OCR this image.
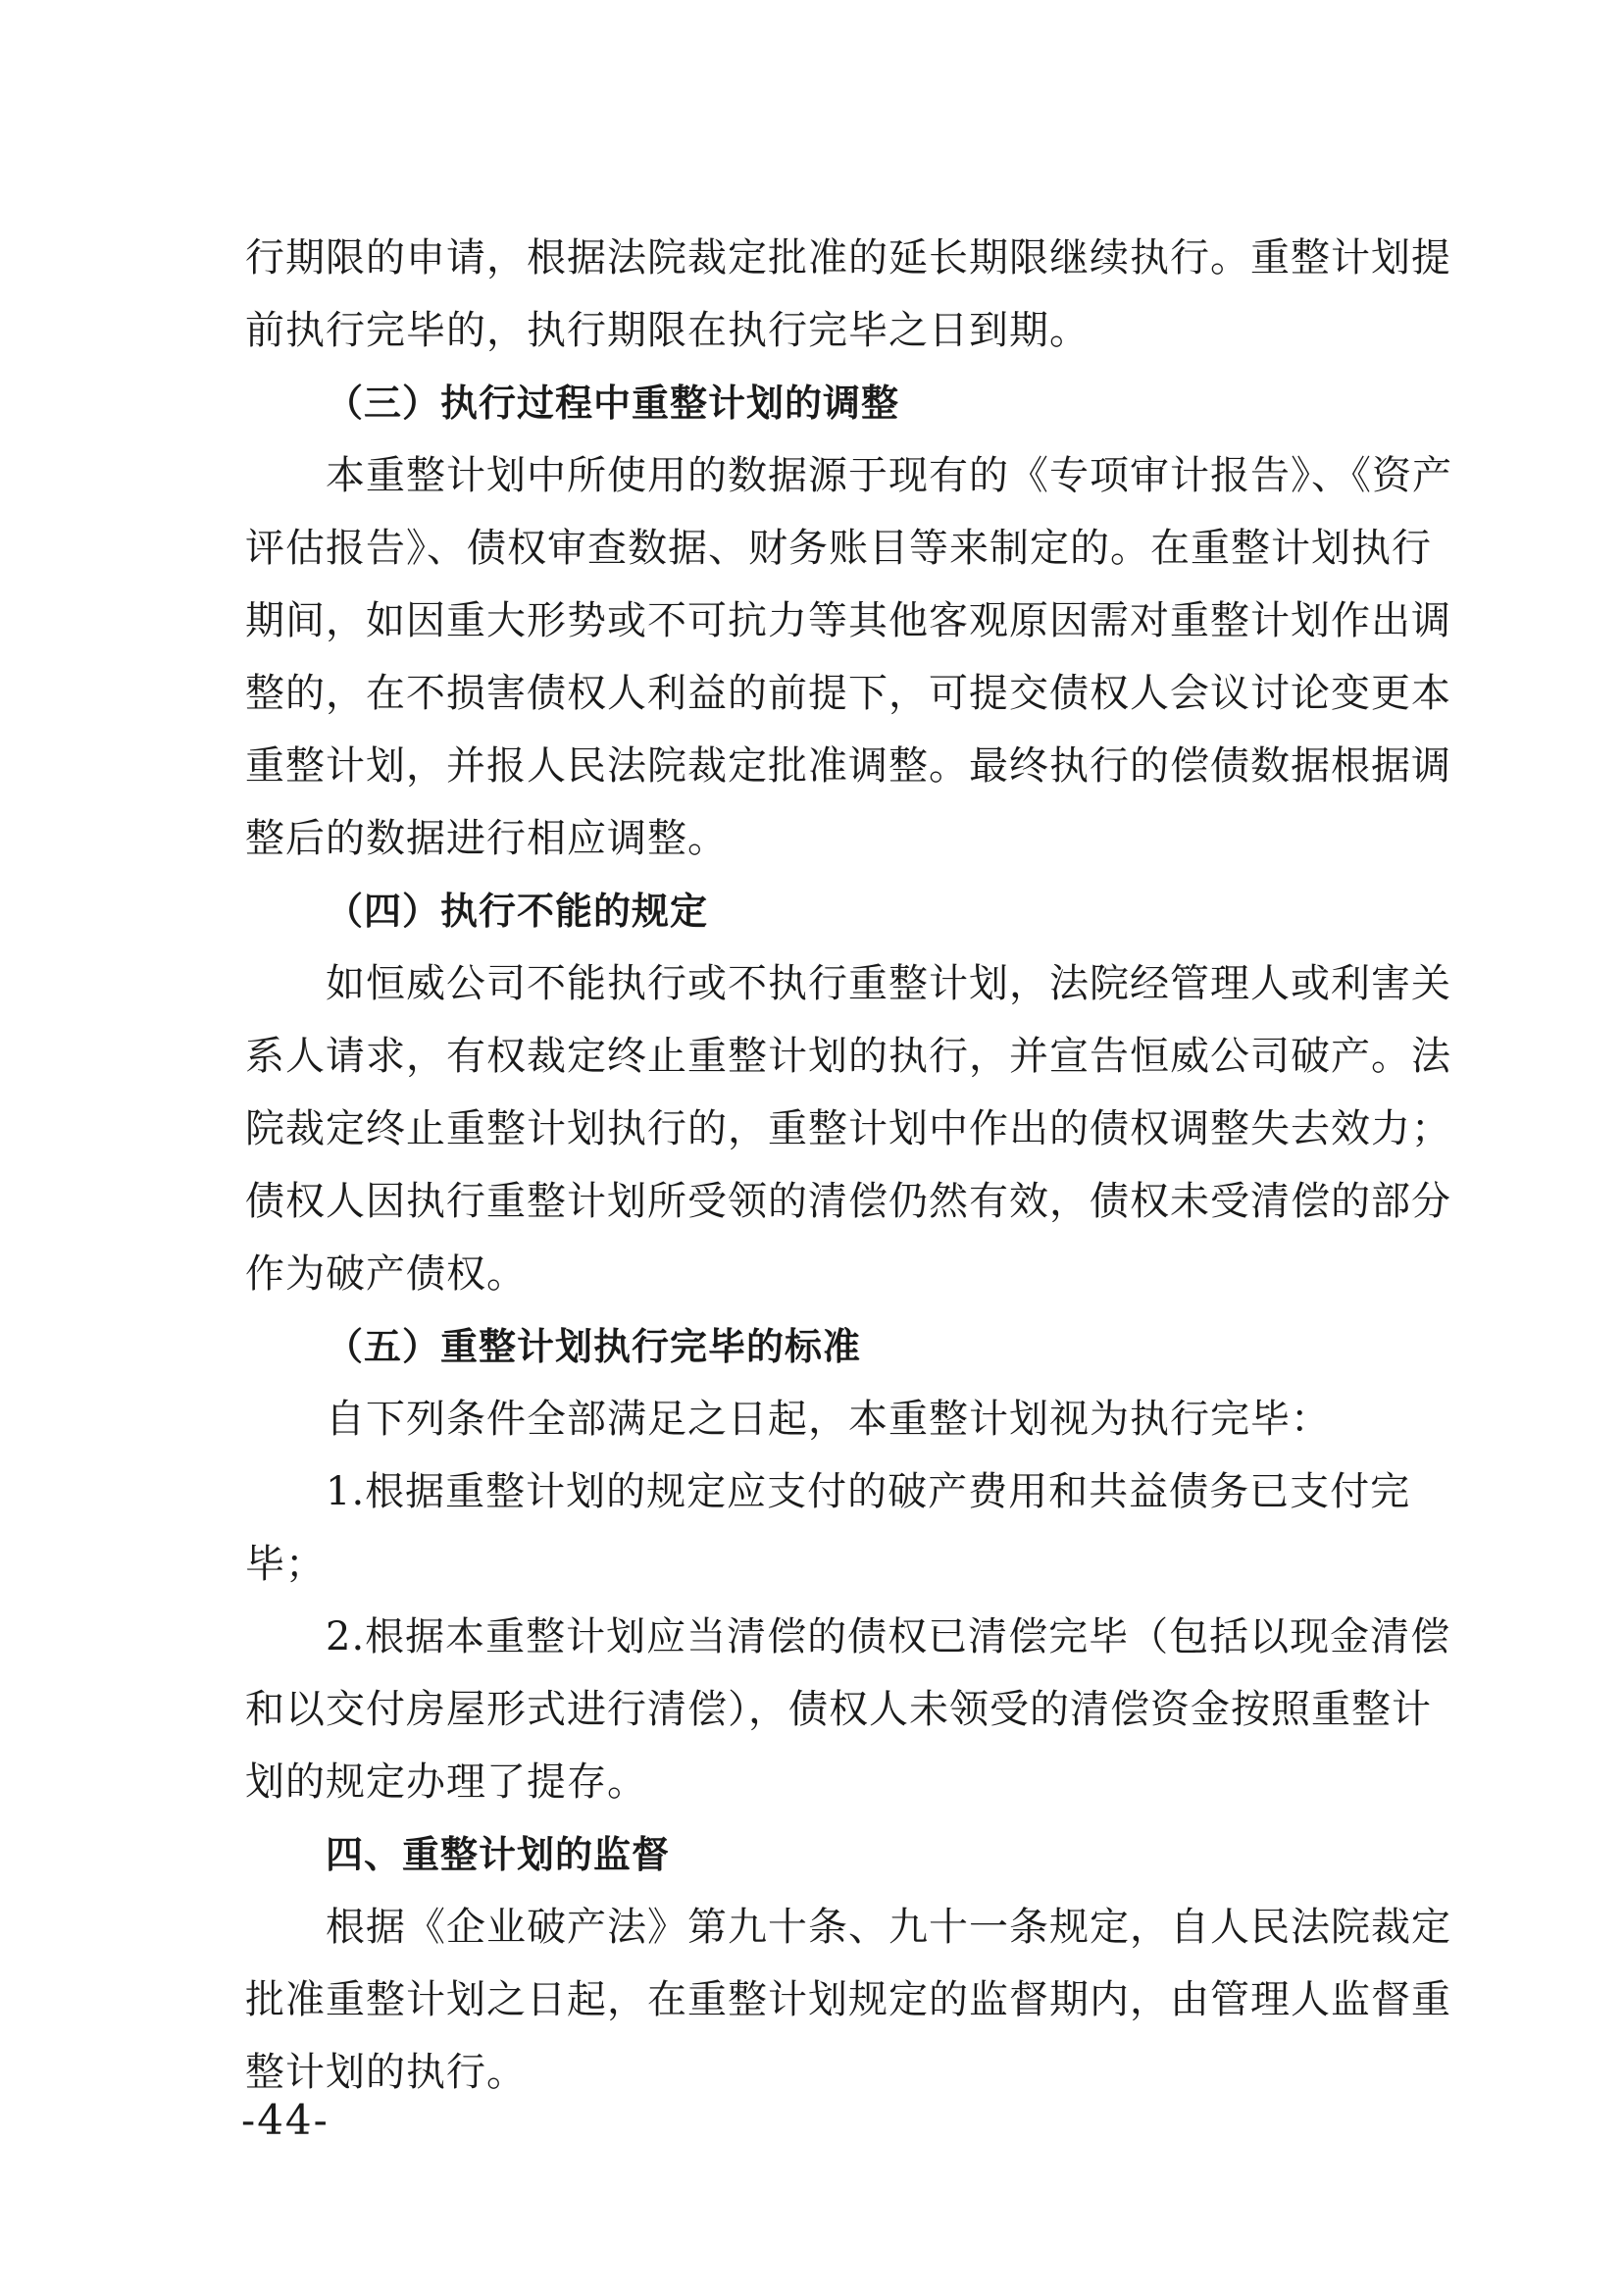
行期限的申请，根据法院裁定批准的延长期限继续执行。重整计划提
前执行完毕的，执行期限在执行完毕之日到期。
（三）执行过程中重整计划的调整
本重整计划中所使用的数据源于现有的《专项审计报告》、《资产
评估报告》、债权审查数据、财务账目等来制定的。在重整计划执行
期间，如因重大形势或不可抗力等其他客观原因需对重整计划作出调
整的，在不损害债权人利益的前提下，可提交债权人会议讨论变更本
重整计划，并报人民法院裁定批准调整。最终执行的偿债数据根据调
整后的数据进行相应调整。
（四）执行不能的规定
如恒威公司不能执行或不执行重整计划，法院经管理人或利害关
系人请求，有权裁定终止重整计划的执行，并宣告恒威公司破产。法
院裁定终止重整计划执行的，重整计划中作出的债权调整失去效力；
债权人因执行重整计划所受领的清偿仍然有效，债权未受清偿的部分
作为破产债权。
（五）重整计划执行完毕的标准
自下列条件全部满足之日起，本重整计划视为执行完毕：
1.根据重整计划的规定应支付的破产费用和共益债务已支付完
毕；
2.根据本重整计划应当清偿的债权已清偿完毕（包括以现金清偿
和以交付房屋形式进行清偿），债权人未领受的清偿资金按照重整计
划的规定办理了提存。
四、重整计划的监督
根据《企业破产法》第九十条、九十一条规定，自人民法院裁定
批准重整计划之日起，在重整计划规定的监督期内，由管理人监督重
整计划的执行。
-44-
